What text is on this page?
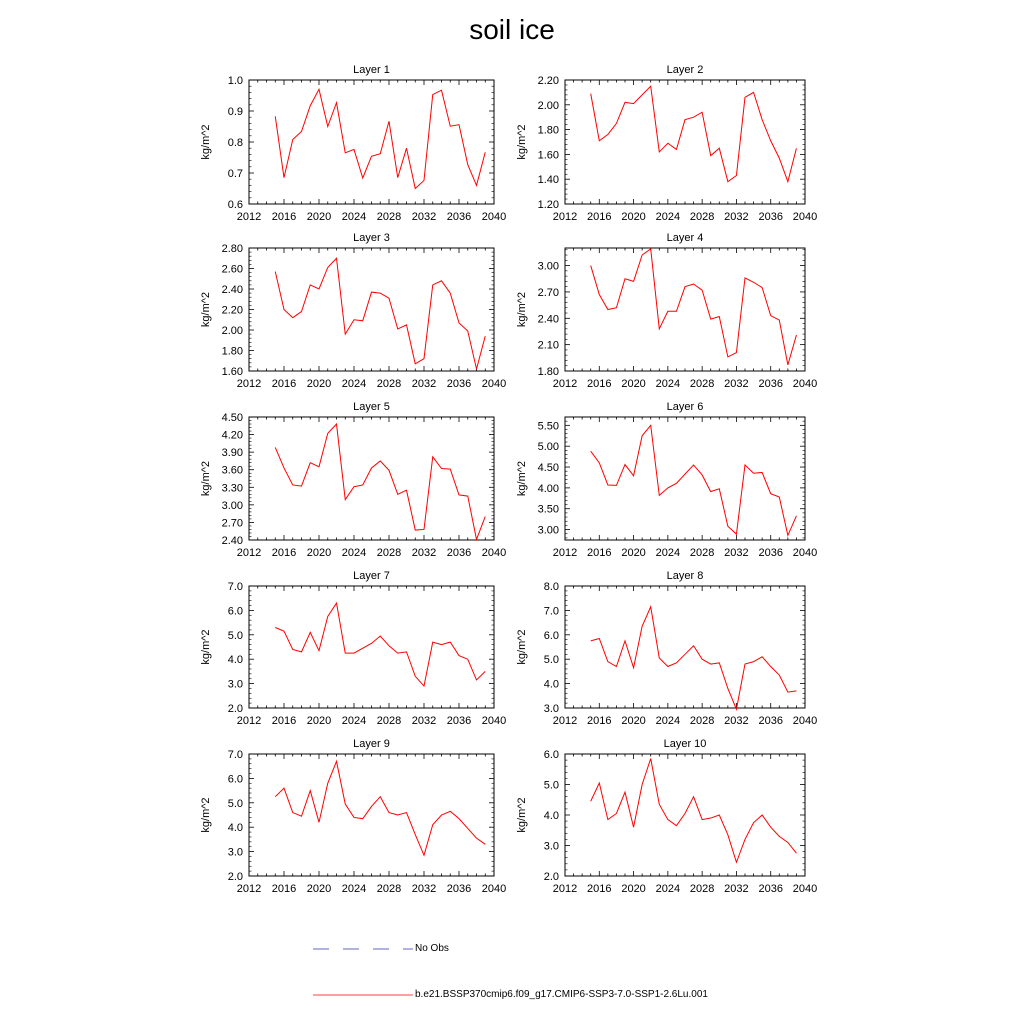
soil ice
Layer 1
kg/m^2
2012 2016 2020 2024 2028 2032 2036 2040
0.6
0.7
0.8
0.9
1.0
Layer 2
kg/m^2
2012 2016 2020 2024 2028 2032 2036 2040
1.20
1.40
1.60
1.80
2.00
2.20
Layer 3
kg/m^2
2012 2016 2020 2024 2028 2032 2036 2040
1.60
1.80
2.00
2.20
2.40
2.60
2.80
Layer 4
kg/m^2
2012 2016 2020 2024 2028 2032 2036 2040
1.80
2.10
2.40
2.70
3.00
Layer 5
kg/m^2
2012 2016 2020 2024 2028 2032 2036 2040
2.40
2.70
3.00
3.30
3.60
3.90
4.20
4.50
Layer 6
kg/m^2
2012 2016 2020 2024 2028 2032 2036 2040
3.00
3.50
4.00
4.50
5.00
5.50
Layer 7
kg/m^2
2012 2016 2020 2024 2028 2032 2036 2040
2.0
3.0
4.0
5.0
6.0
7.0
Layer 8
kg/m^2
2012 2016 2020 2024 2028 2032 2036 2040
3.0
4.0
5.0
6.0
7.0
8.0
Layer 9
kg/m^2
2012 2016 2020 2024 2028 2032 2036 2040
2.0
3.0
4.0
5.0
6.0
7.0
Layer 10
kg/m^2
2012 2016 2020 2024 2028 2032 2036 2040
2.0
3.0
4.0
5.0
6.0
No Obs
b.e21.BSSP370cmip6.f09_g17.CMIP6-SSP3-7.0-SSP1-2.6Lu.001
